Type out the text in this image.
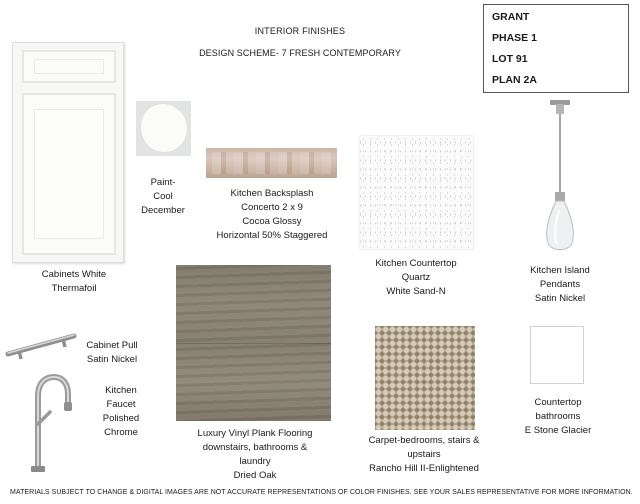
INTERIOR FINISHES
DESIGN SCHEME- 7 FRESH CONTEMPORARY
GRANT
PHASE 1
LOT 91
PLAN 2A
Cabinets White
Thermafoil
Paint-
Cool
December
Kitchen Backsplash
Concerto 2 x 9
Cocoa Glossy
Horizontal 50% Staggered
Kitchen Countertop
Quartz
White Sand-N
Kitchen Island
Pendants
Satin Nickel
Cabinet Pull
Satin Nickel
Kitchen
Faucet
Polished
Chrome	Luxury Vinyl Plank Flooring
downstairs, bathrooms &
laundry
Dried Oak
Carpet-bedrooms, stairs &
upstairs
Rancho Hill II-Enlightened
Countertop
bathrooms
E Stone Glacier
MATERIALS SUBJECT TO CHANGE & DIGITAL IMAGES ARE NOT ACCURATE REPRESENTATIONS OF COLOR FINISHES. SEE YOUR SALES REPRESENTATIVE FOR MORE INFORMATION.
